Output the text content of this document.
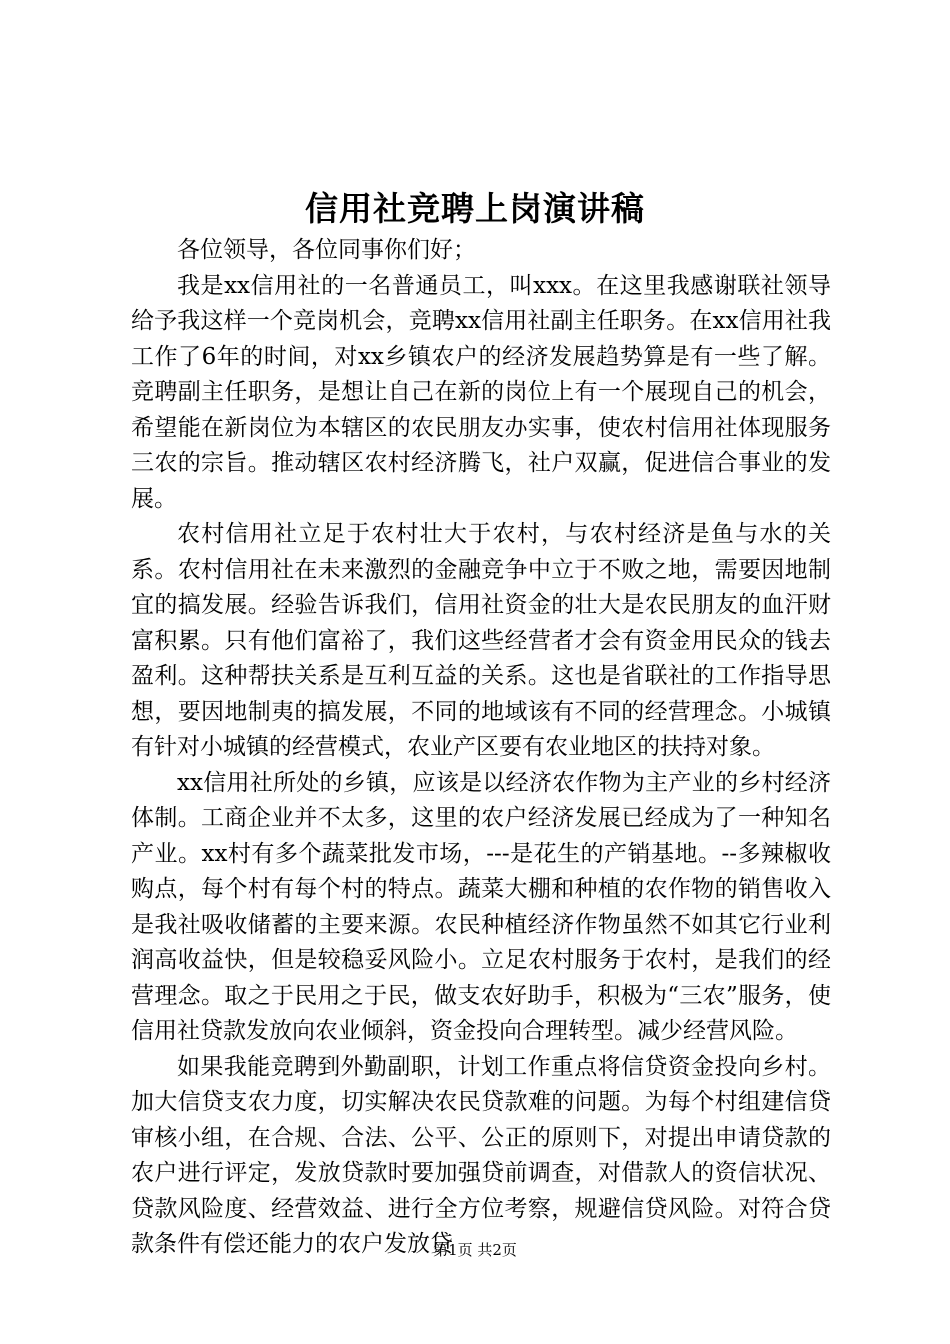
信用社竞聘上岗演讲稿

各位领导，各位同事你们好；

我是xx信用社的一名普通员工，叫xxx。在这里我感谢联社领导给予我这样一个竞岗机会，竞聘xx信用社副主任职务。在xx信用社我工作了6年的时间，对xx乡镇农户的经济发展趋势算是有一些了解。竞聘副主任职务，是想让自己在新的岗位上有一个展现自己的机会，希望能在新岗位为本辖区的农民朋友办实事，使农村信用社体现服务三农的宗旨。推动辖区农村经济腾飞，社户双赢，促进信合事业的发展。

农村信用社立足于农村壮大于农村，与农村经济是鱼与水的关系。农村信用社在未来激烈的金融竞争中立于不败之地，需要因地制宜的搞发展。经验告诉我们，信用社资金的壮大是农民朋友的血汗财富积累。只有他们富裕了，我们这些经营者才会有资金用民众的钱去盈利。这种帮扶关系是互利互益的关系。这也是省联社的工作指导思想，要因地制夷的搞发展，不同的地域该有不同的经营理念。小城镇有针对小城镇的经营模式，农业产区要有农业地区的扶持对象。

xx信用社所处的乡镇，应该是以经济农作物为主产业的乡村经济体制。工商企业并不太多，这里的农户经济发展已经成为了一种知名产业。xx村有多个蔬菜批发市场，---是花生的产销基地。--多辣椒收购点，每个村有每个村的特点。蔬菜大棚和种植的农作物的销售收入是我社吸收储蓄的主要来源。农民种植经济作物虽然不如其它行业利润高收益快，但是较稳妥风险小。立足农村服务于农村，是我们的经营理念。取之于民用之于民，做支农好助手，积极为“三农”服务，使信用社贷款发放向农业倾斜，资金投向合理转型。减少经营风险。

如果我能竞聘到外勤副职，计划工作重点将信贷资金投向乡村。加大信贷支农力度，切实解决农民贷款难的问题。为每个村组建信贷审核小组，在合规、合法、公平、公正的原则下，对提出申请贷款的农户进行评定，发放贷款时要加强贷前调查，对借款人的资信状况、贷款风险度、经营效益、进行全方位考察，规避信贷风险。对符合贷款条件有偿还能力的农户发放贷

第1页 共2页
